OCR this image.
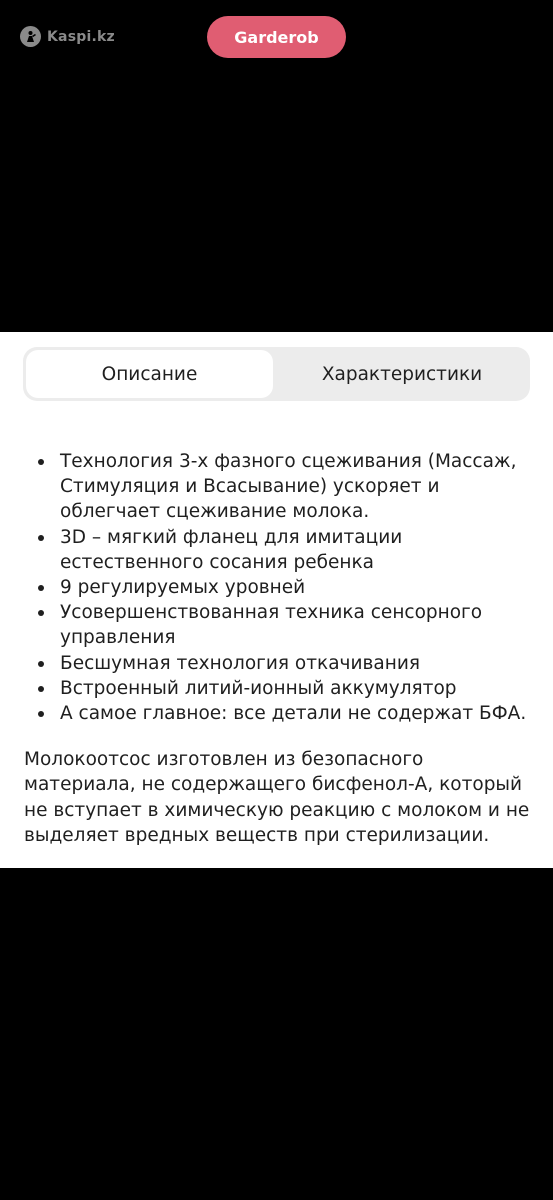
Kaspi.kz	Garderob
Описание	Характеристики
Технология 3-х фазного сцеживания (Массаж, Стимуляция и Всасывание) ускоряет и облегчает сцеживание молока.
3D – мягкий фланец для имитации естественного сосания ребенка
9 регулируемых уровней
Усовершенствованная техника сенсорного управления
Бесшумная технология откачивания
Встроенный литий-ионный аккумулятор
А самое главное: все детали не содержат БФА.

Молокоотсос изготовлен из безопасного материала, не содержащего бисфенол-А, который не вступает в химическую реакцию с молоком и не выделяет вредных веществ при стерилизации.
